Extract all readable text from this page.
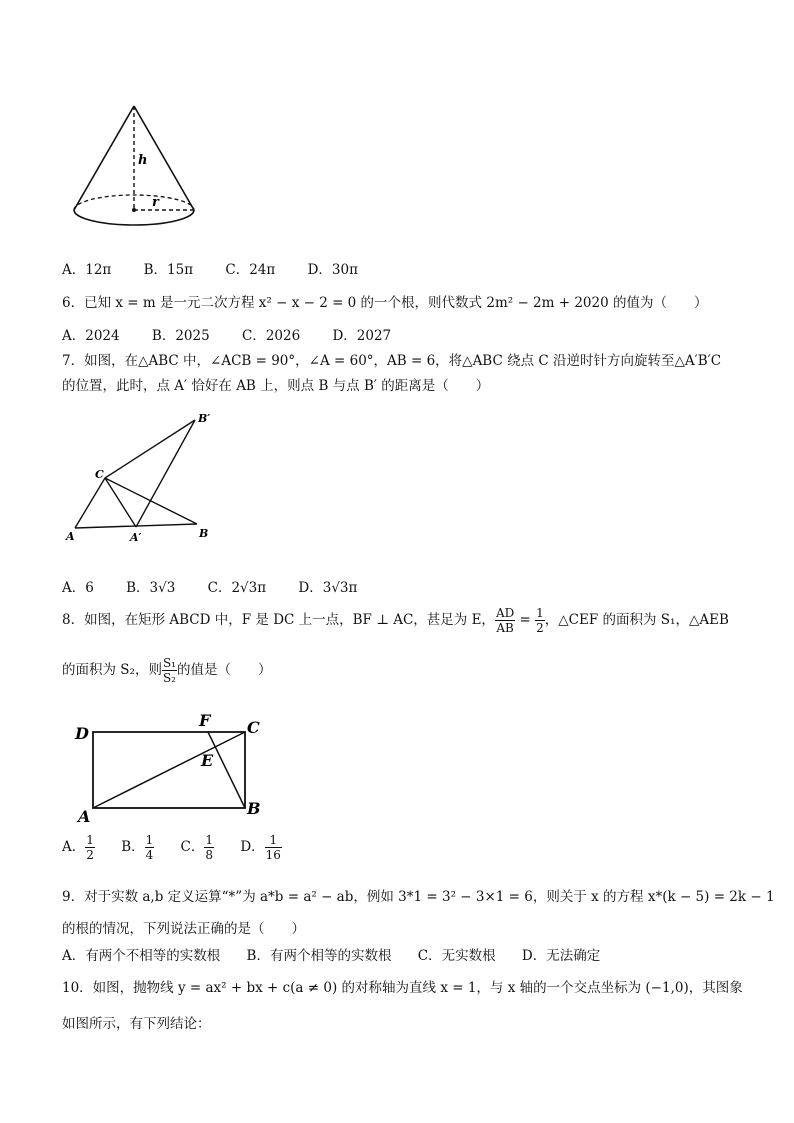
h
r
A．12π B．15π C．24π D．30π
6．已知 x = m 是一元二次方程 x² − x − 2 = 0 的一个根，则代数式 2m² − 2m + 2020 的值为（　　）
A．2024 B．2025 C．2026 D．2027
7．如图，在△ABC 中，∠ACB = 90°，∠A = 60°，AB = 6，将△ABC 绕点 C 沿逆时针方向旋转至△A′B′C
的位置，此时，点 A′ 恰好在 AB 上，则点 B 与点 B′ 的距离是（　　）
B′
C
A	A′	B
A．6 B．3√3 C．2√3π D．3√3π
8．如图，在矩形 ABCD 中，F 是 DC 上一点，BF ⊥ AC，甚足为 E， $\frac{AD}{AB} = \frac{1}{2}$ ，△CEF 的面积为 S₁，△AEB
的面积为 S₂，则 $\frac{\text{S₁}}{\text{S₂}}$ 的值是（　　）
D
F C
E
A	B
A． $\frac{1}{2}$ B． $\frac{1}{4}$ C． $\frac{1}{8}$ D． $\frac{1}{16}$
9．对于实数 a,b 定义运算“*”为 a*b = a² − ab，例如 3*1 = 3² − 3×1 = 6，则关于 x 的方程 x*(k − 5) = 2k − 1
的根的情况，下列说法正确的是（　　）
A．有两个不相等的实数根 B．有两个相等的实数根 C．无实数根 D．无法确定
10．如图，抛物线 y = ax² + bx + c(a ≠ 0) 的对称轴为直线 x = 1，与 x 轴的一个交点坐标为 (−1,0)，其图象
如图所示，有下列结论：
